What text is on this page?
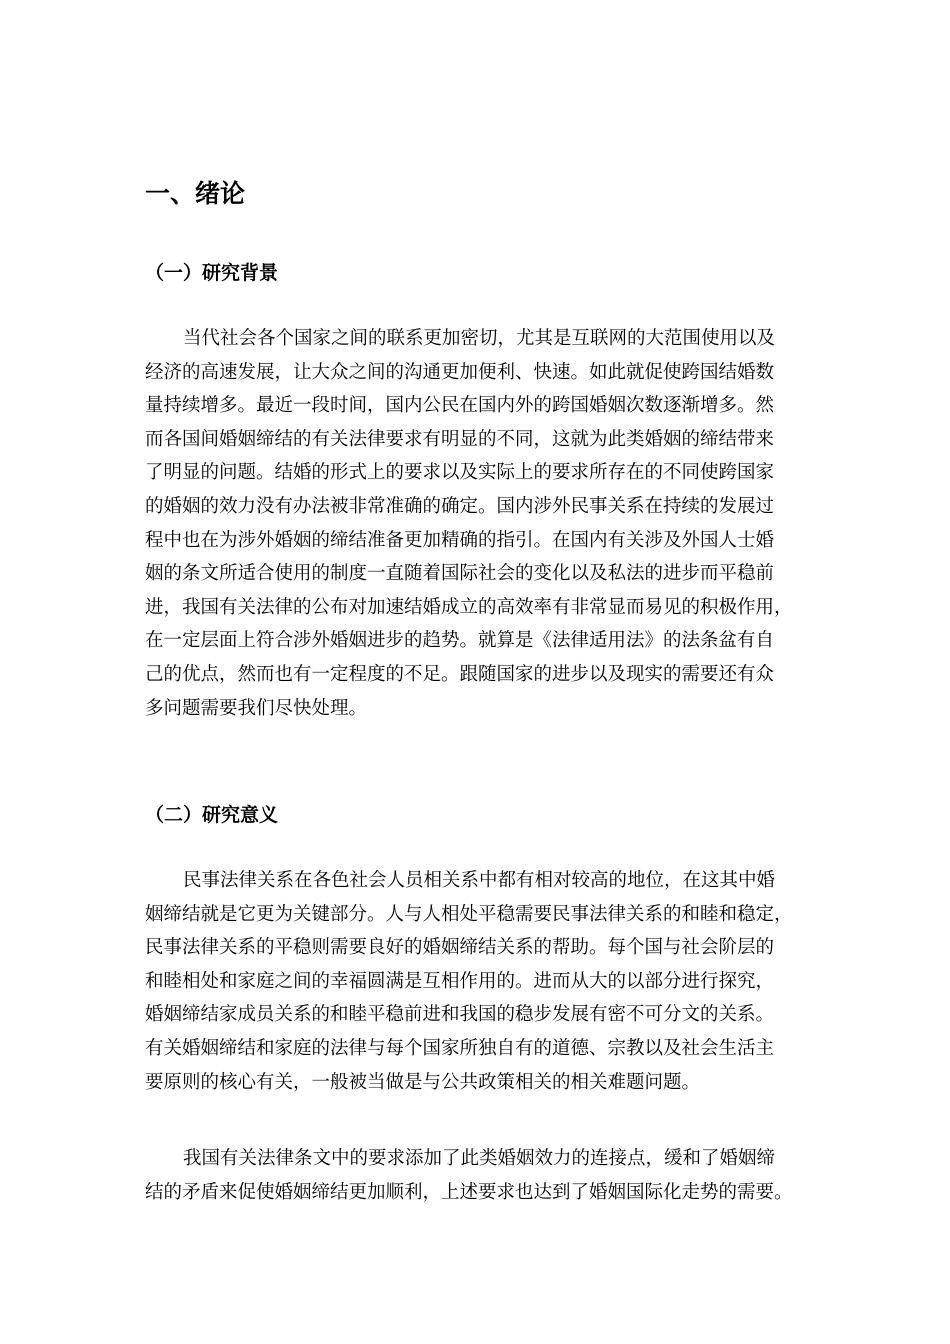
一、绪论
（一）研究背景
当代社会各个国家之间的联系更加密切，尤其是互联网的大范围使用以及
经济的高速发展，让大众之间的沟通更加便利、快速。如此就促使跨国结婚数
量持续增多。最近一段时间，国内公民在国内外的跨国婚姻次数逐渐增多。然
而各国间婚姻缔结的有关法律要求有明显的不同，这就为此类婚姻的缔结带来
了明显的问题。结婚的形式上的要求以及实际上的要求所存在的不同使跨国家
的婚姻的效力没有办法被非常准确的确定。国内涉外民事关系在持续的发展过
程中也在为涉外婚姻的缔结准备更加精确的指引。在国内有关涉及外国人士婚
姻的条文所适合使用的制度一直随着国际社会的变化以及私法的进步而平稳前
进，我国有关法律的公布对加速结婚成立的高效率有非常显而易见的积极作用，
在一定层面上符合涉外婚姻进步的趋势。就算是《法律适用法》的法条盆有自
己的优点，然而也有一定程度的不足。跟随国家的进步以及现实的需要还有众
多问题需要我们尽快处理。
（二）研究意义
民事法律关系在各色社会人员相关系中都有相对较高的地位，在这其中婚
姻缔结就是它更为关键部分。人与人相处平稳需要民事法律关系的和睦和稳定，
民事法律关系的平稳则需要良好的婚姻缔结关系的帮助。每个国与社会阶层的
和睦相处和家庭之间的幸福圆满是互相作用的。进而从大的以部分进行探究，
婚姻缔结家成员关系的和睦平稳前进和我国的稳步发展有密不可分文的关系。
有关婚姻缔结和家庭的法律与每个国家所独自有的道德、宗教以及社会生活主
要原则的核心有关，一般被当做是与公共政策相关的相关难题问题。
我国有关法律条文中的要求添加了此类婚姻效力的连接点，缓和了婚姻缔
结的矛盾来促使婚姻缔结更加顺利，上述要求也达到了婚姻国际化走势的需要。
